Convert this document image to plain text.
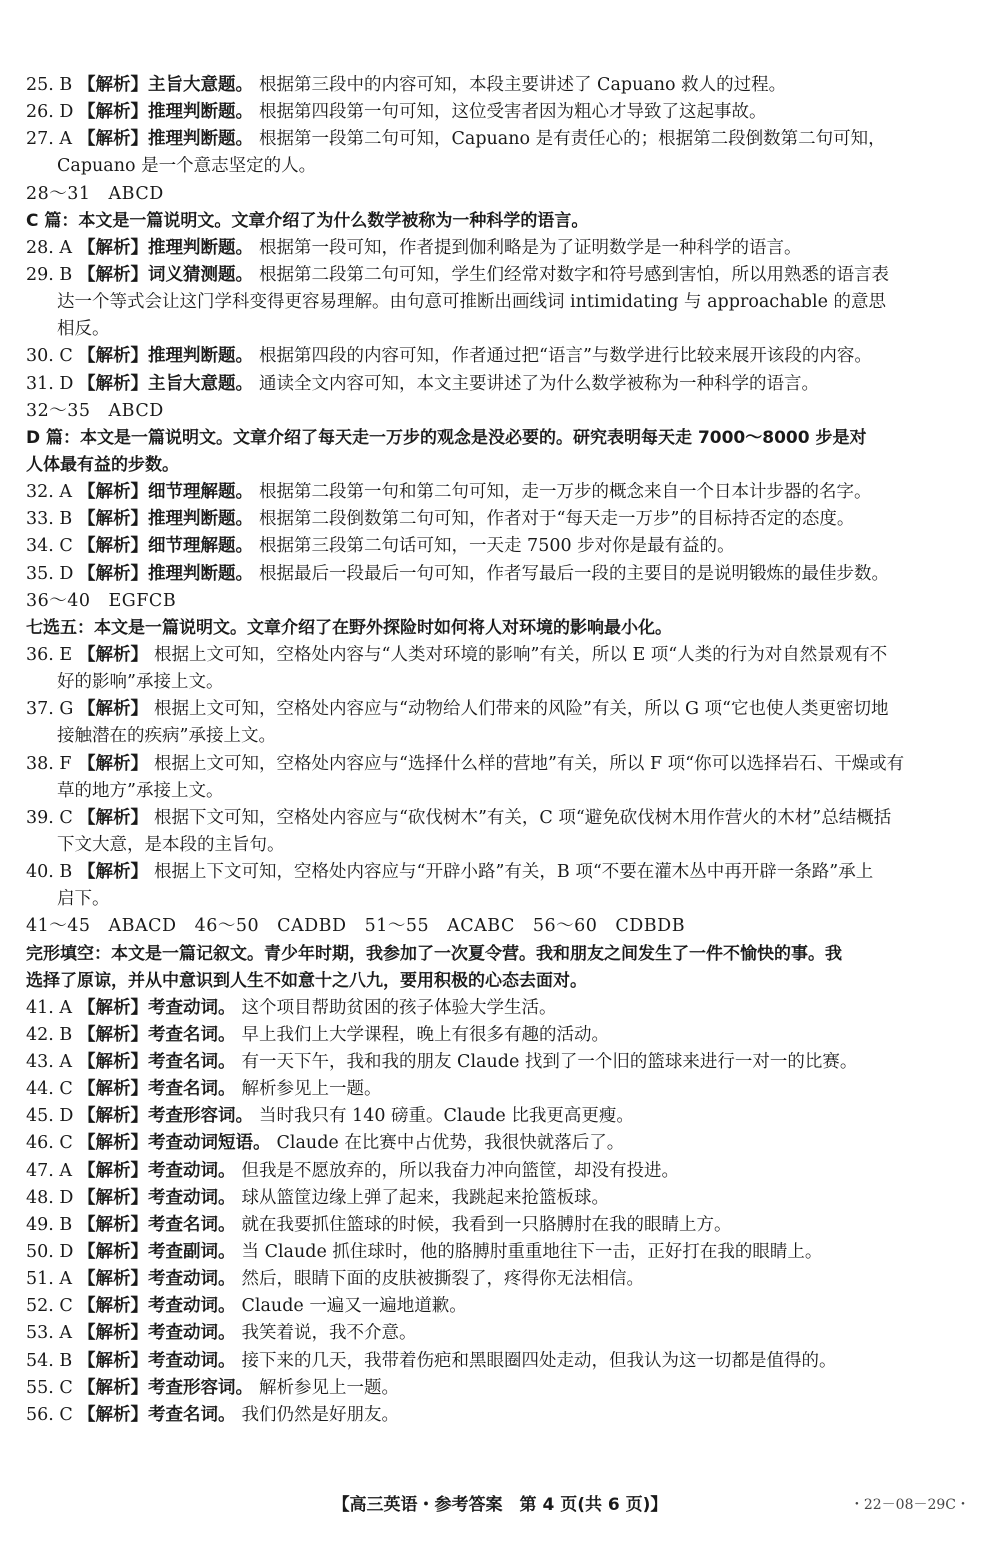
25. B 【解析】主旨大意题。 根据第三段中的内容可知，本段主要讲述了 Capuano 救人的过程。
26. D 【解析】推理判断题。 根据第四段第一句可知，这位受害者因为粗心才导致了这起事故。
27. A 【解析】推理判断题。 根据第一段第二句可知，Capuano 是有责任心的；根据第二段倒数第二句可知，
Capuano 是一个意志坚定的人。
28～31　ABCD
C 篇：本文是一篇说明文。文章介绍了为什么数学被称为一种科学的语言。
28. A 【解析】推理判断题。 根据第一段可知，作者提到伽利略是为了证明数学是一种科学的语言。
29. B 【解析】词义猜测题。 根据第二段第二句可知，学生们经常对数字和符号感到害怕，所以用熟悉的语言表
达一个等式会让这门学科变得更容易理解。由句意可推断出画线词 intimidating 与 approachable 的意思
相反。
30. C 【解析】推理判断题。 根据第四段的内容可知，作者通过把“语言”与数学进行比较来展开该段的内容。
31. D 【解析】主旨大意题。 通读全文内容可知，本文主要讲述了为什么数学被称为一种科学的语言。
32～35　ABCD
D 篇：本文是一篇说明文。文章介绍了每天走一万步的观念是没必要的。研究表明每天走 7000～8000 步是对
人体最有益的步数。
32. A 【解析】细节理解题。 根据第二段第一句和第二句可知，走一万步的概念来自一个日本计步器的名字。
33. B 【解析】推理判断题。 根据第二段倒数第二句可知，作者对于“每天走一万步”的目标持否定的态度。
34. C 【解析】细节理解题。 根据第三段第二句话可知，一天走 7500 步对你是最有益的。
35. D 【解析】推理判断题。 根据最后一段最后一句可知，作者写最后一段的主要目的是说明锻炼的最佳步数。
36～40　EGFCB
七选五：本文是一篇说明文。文章介绍了在野外探险时如何将人对环境的影响最小化。
36. E 【解析】 根据上文可知，空格处内容与“人类对环境的影响”有关，所以 E 项“人类的行为对自然景观有不
好的影响”承接上文。
37. G 【解析】 根据上文可知，空格处内容应与“动物给人们带来的风险”有关，所以 G 项“它也使人类更密切地
接触潜在的疾病”承接上文。
38. F 【解析】 根据上文可知，空格处内容应与“选择什么样的营地”有关，所以 F 项“你可以选择岩石、干燥或有
草的地方”承接上文。
39. C 【解析】 根据下文可知，空格处内容应与“砍伐树木”有关，C 项“避免砍伐树木用作营火的木材”总结概括
下文大意，是本段的主旨句。
40. B 【解析】 根据上下文可知，空格处内容应与“开辟小路”有关，B 项“不要在灌木丛中再开辟一条路”承上
启下。
41～45　ABACD　46～50　CADBD　51～55　ACABC　56～60　CDBDB
完形填空：本文是一篇记叙文。青少年时期，我参加了一次夏令营。我和朋友之间发生了一件不愉快的事。我
选择了原谅，并从中意识到人生不如意十之八九，要用积极的心态去面对。
41. A 【解析】考查动词。 这个项目帮助贫困的孩子体验大学生活。
42. B 【解析】考查名词。 早上我们上大学课程，晚上有很多有趣的活动。
43. A 【解析】考查名词。 有一天下午，我和我的朋友 Claude 找到了一个旧的篮球来进行一对一的比赛。
44. C 【解析】考查名词。 解析参见上一题。
45. D 【解析】考查形容词。 当时我只有 140 磅重。Claude 比我更高更瘦。
46. C 【解析】考查动词短语。 Claude 在比赛中占优势，我很快就落后了。
47. A 【解析】考查动词。 但我是不愿放弃的，所以我奋力冲向篮筐，却没有投进。
48. D 【解析】考查动词。 球从篮筐边缘上弹了起来，我跳起来抢篮板球。
49. B 【解析】考查名词。 就在我要抓住篮球的时候，我看到一只胳膊肘在我的眼睛上方。
50. D 【解析】考查副词。 当 Claude 抓住球时，他的胳膊肘重重地往下一击，正好打在我的眼睛上。
51. A 【解析】考查动词。 然后，眼睛下面的皮肤被撕裂了，疼得你无法相信。
52. C 【解析】考查动词。 Claude 一遍又一遍地道歉。
53. A 【解析】考查动词。 我笑着说，我不介意。
54. B 【解析】考查动词。 接下来的几天，我带着伤疤和黑眼圈四处走动，但我认为这一切都是值得的。
55. C 【解析】考查形容词。 解析参见上一题。
56. C 【解析】考查名词。 我们仍然是好朋友。
【高三英语・参考答案　第 4 页(共 6 页)】	・22－08－29C・
